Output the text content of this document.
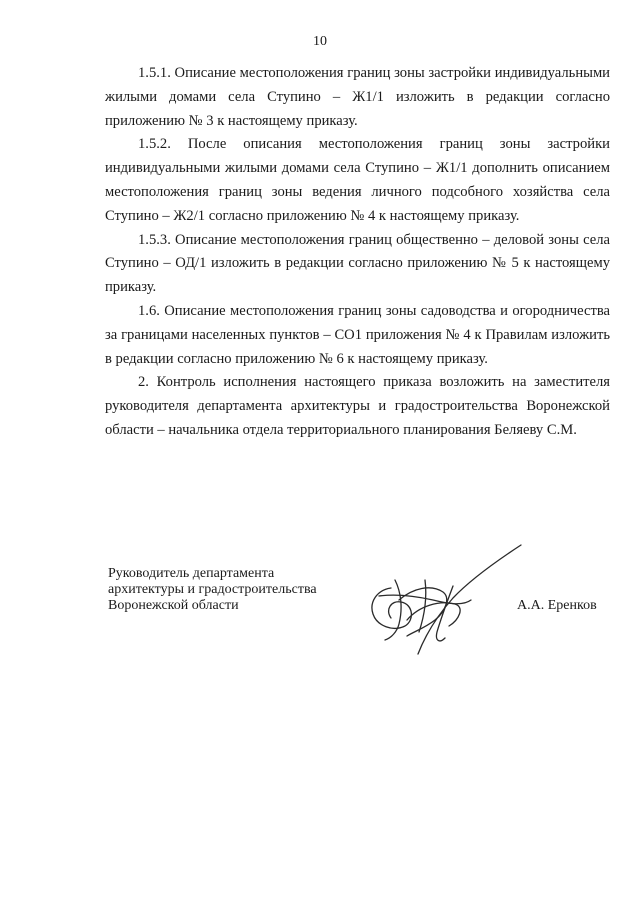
10

1.5.1. Описание местоположения границ зоны застройки индивидуальными жилыми домами села Ступино – Ж1/1 изложить в редакции согласно приложению № 3 к настоящему приказу.

1.5.2. После описания местоположения границ зоны застройки индивидуальными жилыми домами села Ступино – Ж1/1 дополнить описанием местоположения границ зоны ведения личного подсобного хозяйства села Ступино – Ж2/1 согласно приложению № 4 к настоящему приказу.

1.5.3. Описание местоположения границ общественно – деловой зоны села Ступино – ОД/1 изложить в редакции согласно приложению № 5 к настоящему приказу.

1.6. Описание местоположения границ зоны садоводства и огородничества за границами населенных пунктов – СО1 приложения № 4 к Правилам изложить в редакции согласно приложению № 6 к настоящему приказу.

2. Контроль исполнения настоящего приказа возложить на заместителя руководителя департамента архитектуры и градостроительства Воронежской области – начальника отдела территориального планирования Беляеву С.М.

Руководитель департамента
архитектуры и градостроительства
Воронежской области	А.А. Еренков
